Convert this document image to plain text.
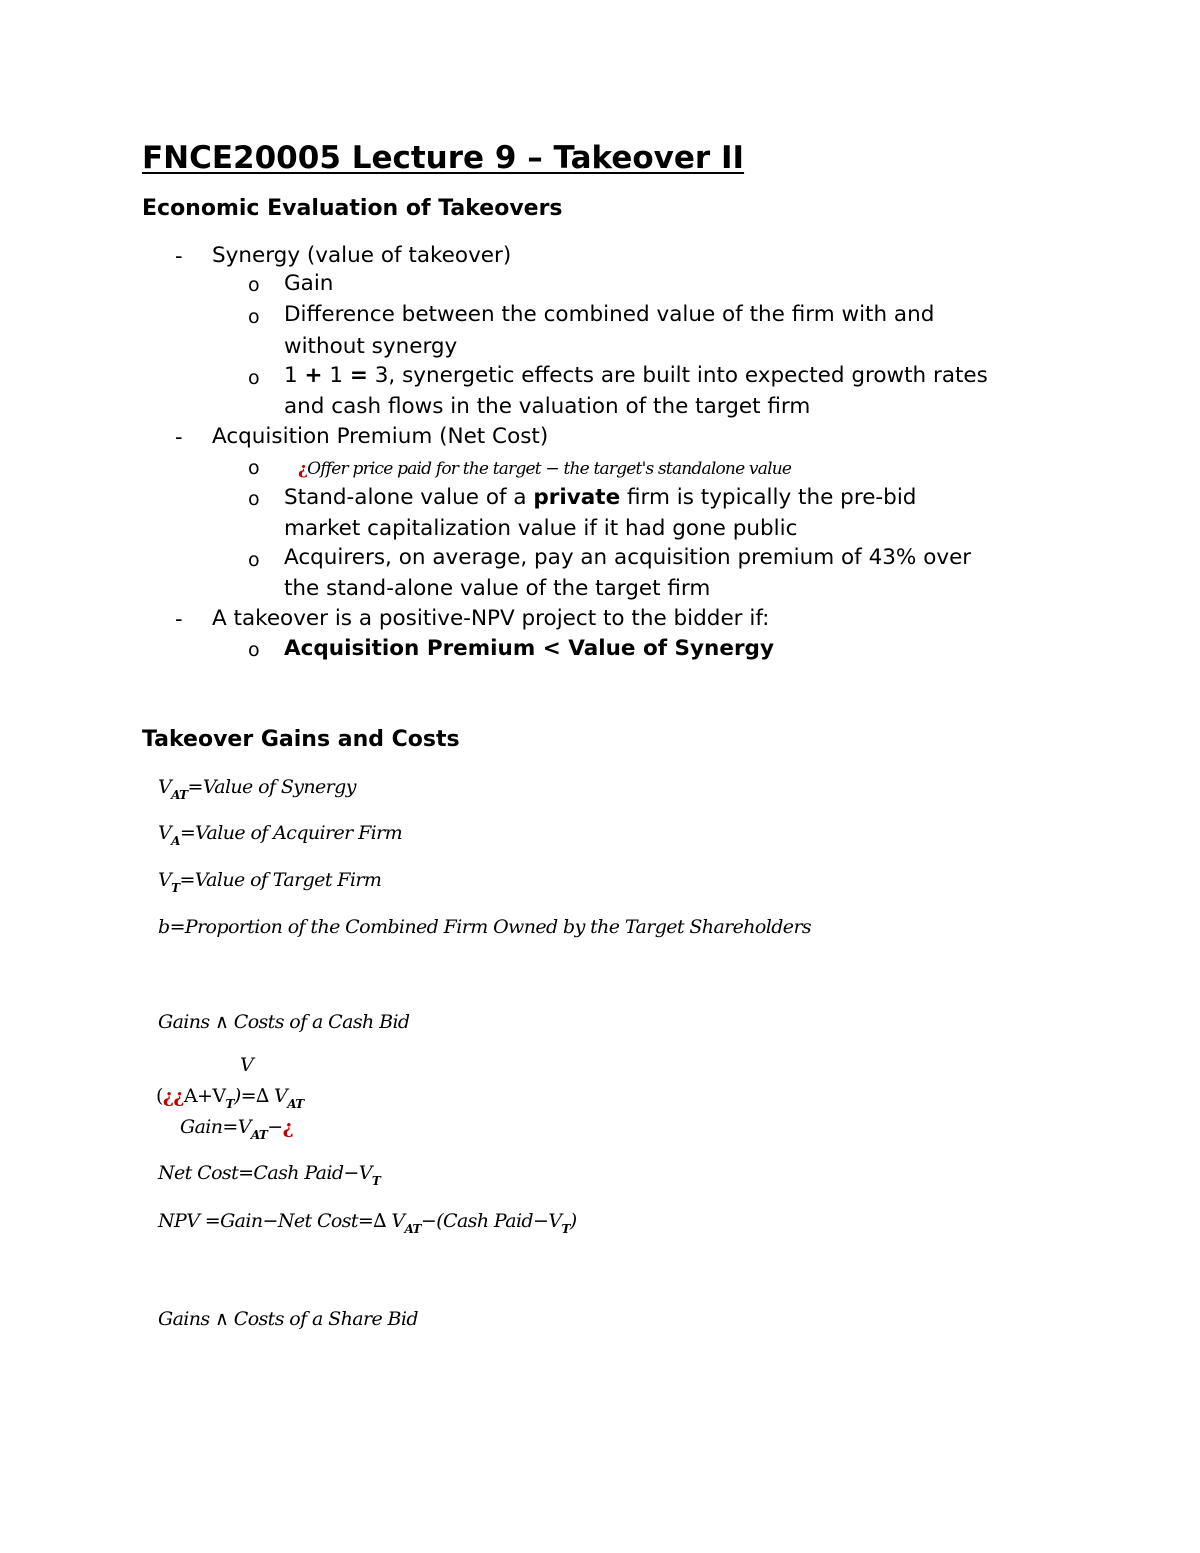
FNCE20005 Lecture 9 – Takeover II
Economic Evaluation of Takeovers
- Synergy (value of takeover)
o Gain
o Difference between the combined value of the firm with and
without synergy
o 1 + 1 = 3, synergetic effects are built into expected growth rates
and cash flows in the valuation of the target firm
- Acquisition Premium (Net Cost)
o ¿Offer price paid for the target − the target's standalone value
o Stand-alone value of a private firm is typically the pre-bid
market capitalization value if it had gone public
o Acquirers, on average, pay an acquisition premium of 43% over
the stand-alone value of the target firm
- A takeover is a positive-NPV project to the bidder if:
o Acquisition Premium < Value of Synergy
Takeover Gains and Costs
$V_{AT}=Value$ of Synergy
$V_A=Value$ of Acquirer Firm
$V_T=Value$ of Target Firm
b=Proportion of the Combined Firm Owned by the Target Shareholders
Gains ∧ Costs of a Cash Bid
V
$(¿¿A+V_T)=\Delta$ $V_{AT}$
$Gain=V_{AT}-¿$
Net Cost=Cash $Paid-V_T$
NPV =Gain−Net Cost=∆ $V_{AT}-(Cash$ $Paid-V_T$)
Gains ∧ Costs of a Share Bid
